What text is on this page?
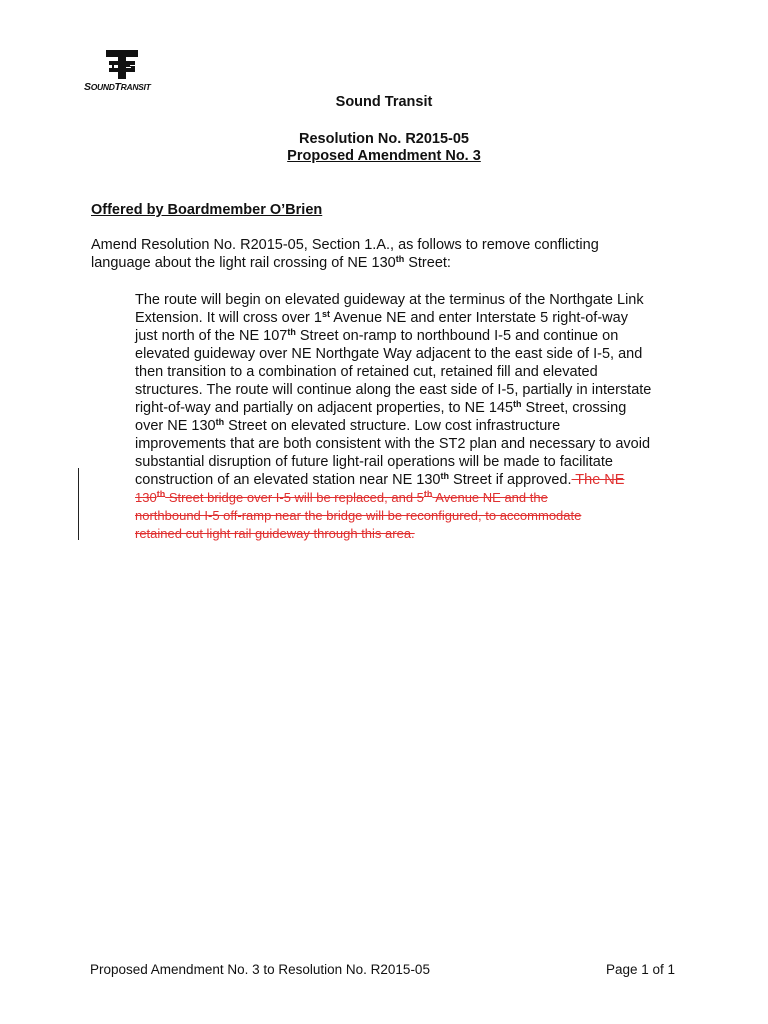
SOUNDTRANSIT
Sound Transit
Resolution No. R2015-05
Proposed Amendment No. 3
Offered by Boardmember O’Brien
Amend Resolution No. R2015-05, Section 1.A., as follows to remove conflicting
language about the light rail crossing of NE 130th Street:
The route will begin on elevated guideway at the terminus of the Northgate Link
Extension. It will cross over 1st Avenue NE and enter Interstate 5 right-of-way
just north of the NE 107th Street on-ramp to northbound I-5 and continue on
elevated guideway over NE Northgate Way adjacent to the east side of I-5, and
then transition to a combination of retained cut, retained fill and elevated
structures. The route will continue along the east side of I-5, partially in interstate
right-of-way and partially on adjacent properties, to NE 145th Street, crossing
over NE 130th Street on elevated structure. Low cost infrastructure
improvements that are both consistent with the ST2 plan and necessary to avoid
substantial disruption of future light-rail operations will be made to facilitate
construction of an elevated station near NE 130th Street if approved. The NE
130th Street bridge over I-5 will be replaced, and 5th Avenue NE and the
northbound I-5 off-ramp near the bridge will be reconfigured, to accommodate
retained cut light rail guideway through this area.
Proposed Amendment No. 3 to Resolution No. R2015-05	Page 1 of 1
